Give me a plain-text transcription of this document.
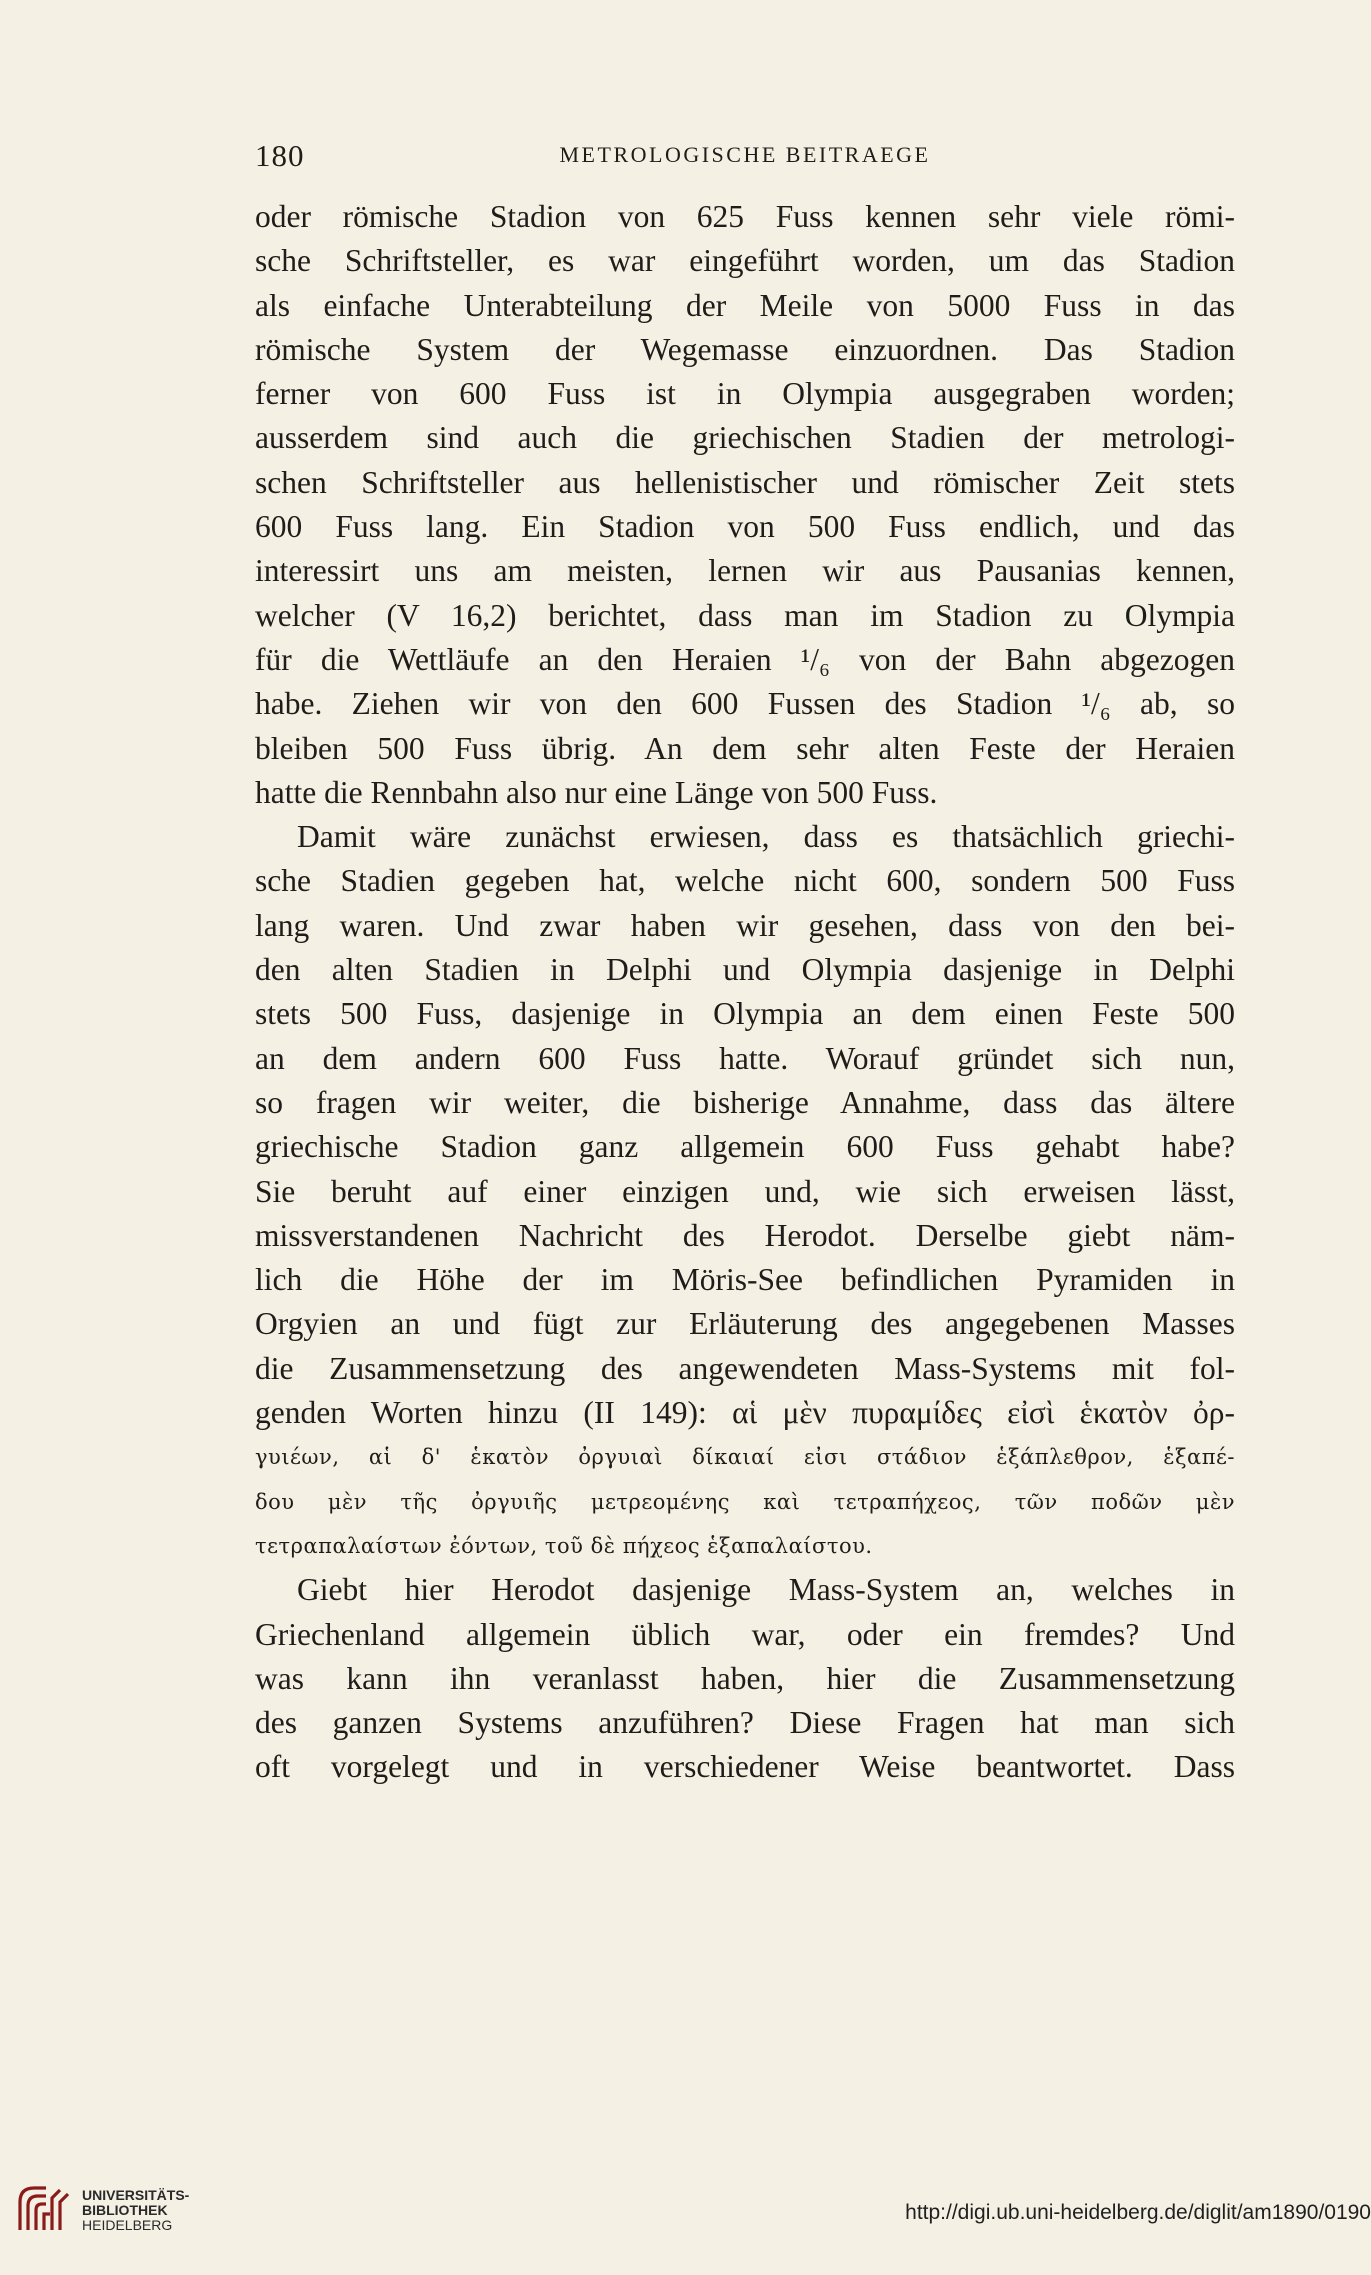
180	METROLOGISCHE BEITRAEGE
oder römische Stadion von 625 Fuss kennen sehr viele römi-
sche Schriftsteller, es war eingeführt worden, um das Stadion
als einfache Unterabteilung der Meile von 5000 Fuss in das
römische System der Wegemasse einzuordnen. Das Stadion
ferner von 600 Fuss ist in Olympia ausgegraben worden;
ausserdem sind auch die griechischen Stadien der metrologi-
schen Schriftsteller aus hellenistischer und römischer Zeit stets
600 Fuss lang. Ein Stadion von 500 Fuss endlich, und das
interessirt uns am meisten, lernen wir aus Pausanias kennen,
welcher (V 16,2) berichtet, dass man im Stadion zu Olympia
für die Wettläufe an den Heraien ¹/₆ von der Bahn abgezogen
habe. Ziehen wir von den 600 Fussen des Stadion ¹/₆ ab, so
bleiben 500 Fuss übrig. An dem sehr alten Feste der Heraien
hatte die Rennbahn also nur eine Länge von 500 Fuss.
Damit wäre zunächst erwiesen, dass es thatsächlich griechi-
sche Stadien gegeben hat, welche nicht 600, sondern 500 Fuss
lang waren. Und zwar haben wir gesehen, dass von den bei-
den alten Stadien in Delphi und Olympia dasjenige in Delphi
stets 500 Fuss, dasjenige in Olympia an dem einen Feste 500
an dem andern 600 Fuss hatte. Worauf gründet sich nun,
so fragen wir weiter, die bisherige Annahme, dass das ältere
griechische Stadion ganz allgemein 600 Fuss gehabt habe?
Sie beruht auf einer einzigen und, wie sich erweisen lässt,
missverstandenen Nachricht des Herodot. Derselbe giebt näm-
lich die Höhe der im Möris-See befindlichen Pyramiden in
Orgyien an und fügt zur Erläuterung des angegebenen Masses
die Zusammensetzung des angewendeten Mass-Systems mit fol-
genden Worten hinzu (II 149): αἱ μὲν πυραμίδες εἰσὶ ἑκατὸν ὀρ-
γυιέων, αἱ δ' ἑκατὸν ὀργυιαὶ δίκαιαί εἰσι στάδιον ἑξάπλεθρον, ἑξαπέ-
δου μὲν τῆς ὀργυιῆς μετρεομένης καὶ τετραπήχεος, τῶν ποδῶν μὲν
τετραπαλαίστων ἐόντων, τοῦ δὲ πήχεος ἑξαπαλαίστου.
Giebt hier Herodot dasjenige Mass-System an, welches in
Griechenland allgemein üblich war, oder ein fremdes? Und
was kann ihn veranlasst haben, hier die Zusammensetzung
des ganzen Systems anzuführen? Diese Fragen hat man sich
oft vorgelegt und in verschiedener Weise beantwortet. Dass
UNIVERSITÄTS-
BIBLIOTHEK
HEIDELBERG
http://digi.ub.uni-heidelberg.de/diglit/am1890/0190
